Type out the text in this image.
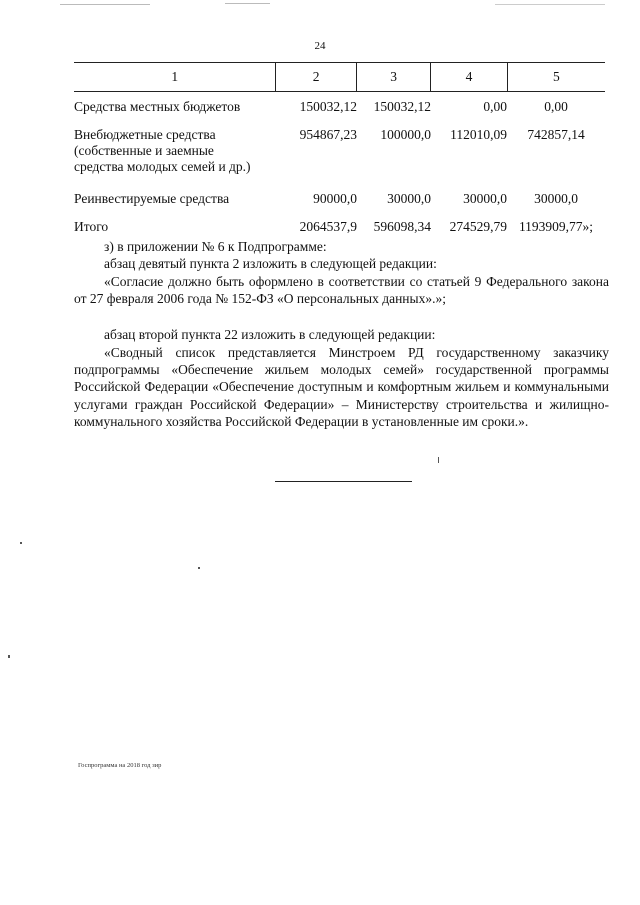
24
1	2	3	4	5
Средства местных бюджетов	150032,12	150032,12	0,00	0,00
Внебюджетные средства
(собственные и заемные
средства молодых семей и др.)
954867,23	100000,0	112010,09	742857,14
Реинвестируемые средства	90000,0	30000,0	30000,0	30000,0
Итого	2064537,9	596098,34	274529,79 1193909,77»;
з) в приложении № 6 к Подпрограмме:
абзац девятый пункта 2 изложить в следующей редакции:
«Согласие должно быть оформлено в соответствии со статьей 9 Федерального закона от 27 февраля 2006 года № 152-ФЗ «О персональных данных».»;
абзац второй пункта 22 изложить в следующей редакции:
«Сводный список представляется Минстроем РД государственному заказчику подпрограммы «Обеспечение жильем молодых семей» государственной программы Российской Федерации «Обеспечение доступным и комфортным жильем и коммунальными услугами граждан Российской Федерации» – Министерству строительства и жилищно-коммунального хозяйства Российской Федерации в установленные им сроки.».
Госпрограмма на 2018 год зир
